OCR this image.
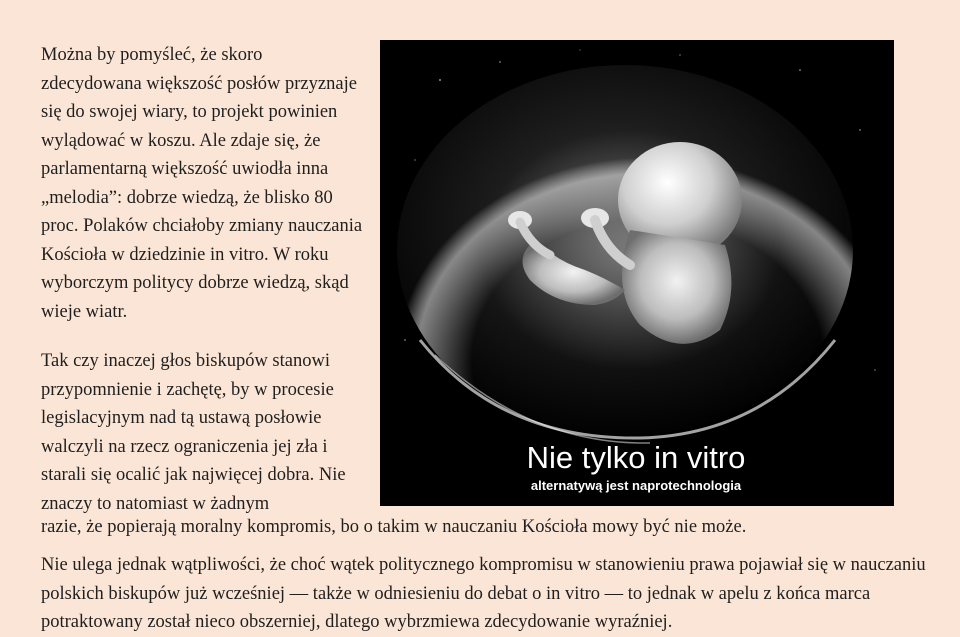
Można by pomyśleć, że skoro zdecydowana większość posłów przyznaje się do swojej wiary, to projekt powinien wylądować w koszu. Ale zdaje się, że parlamentarną większość uwiodła inna „melodia”: dobrze wiedzą, że blisko 80 proc. Polaków chciałoby zmiany nauczania Kościoła w dziedzinie in vitro. W roku wyborczym politycy dobrze wiedzą, skąd wieje wiatr.

Tak czy inaczej głos biskupów stanowi przypomnienie i zachętę, by w procesie legislacyjnym nad tą ustawą posłowie walczyli na rzecz ograniczenia jej zła i starali się ocalić jak najwięcej dobra. Nie znaczy to natomiast w żadnym

razie, że popierają moralny kompromis, bo o takim w nauczaniu Kościoła mowy być nie może.

Nie ulega jednak wątpliwości, że choć wątek politycznego kompromisu w stanowieniu prawa pojawiał się w nauczaniu polskich biskupów już wcześniej — także w odniesieniu do debat o in vitro — to jednak w apelu z końca marca potraktowany został nieco obszerniej, dlatego wybrzmiewa zdecydowanie wyraźniej.

Nie tylko in vitro
alternatywą jest naprotechnologia
